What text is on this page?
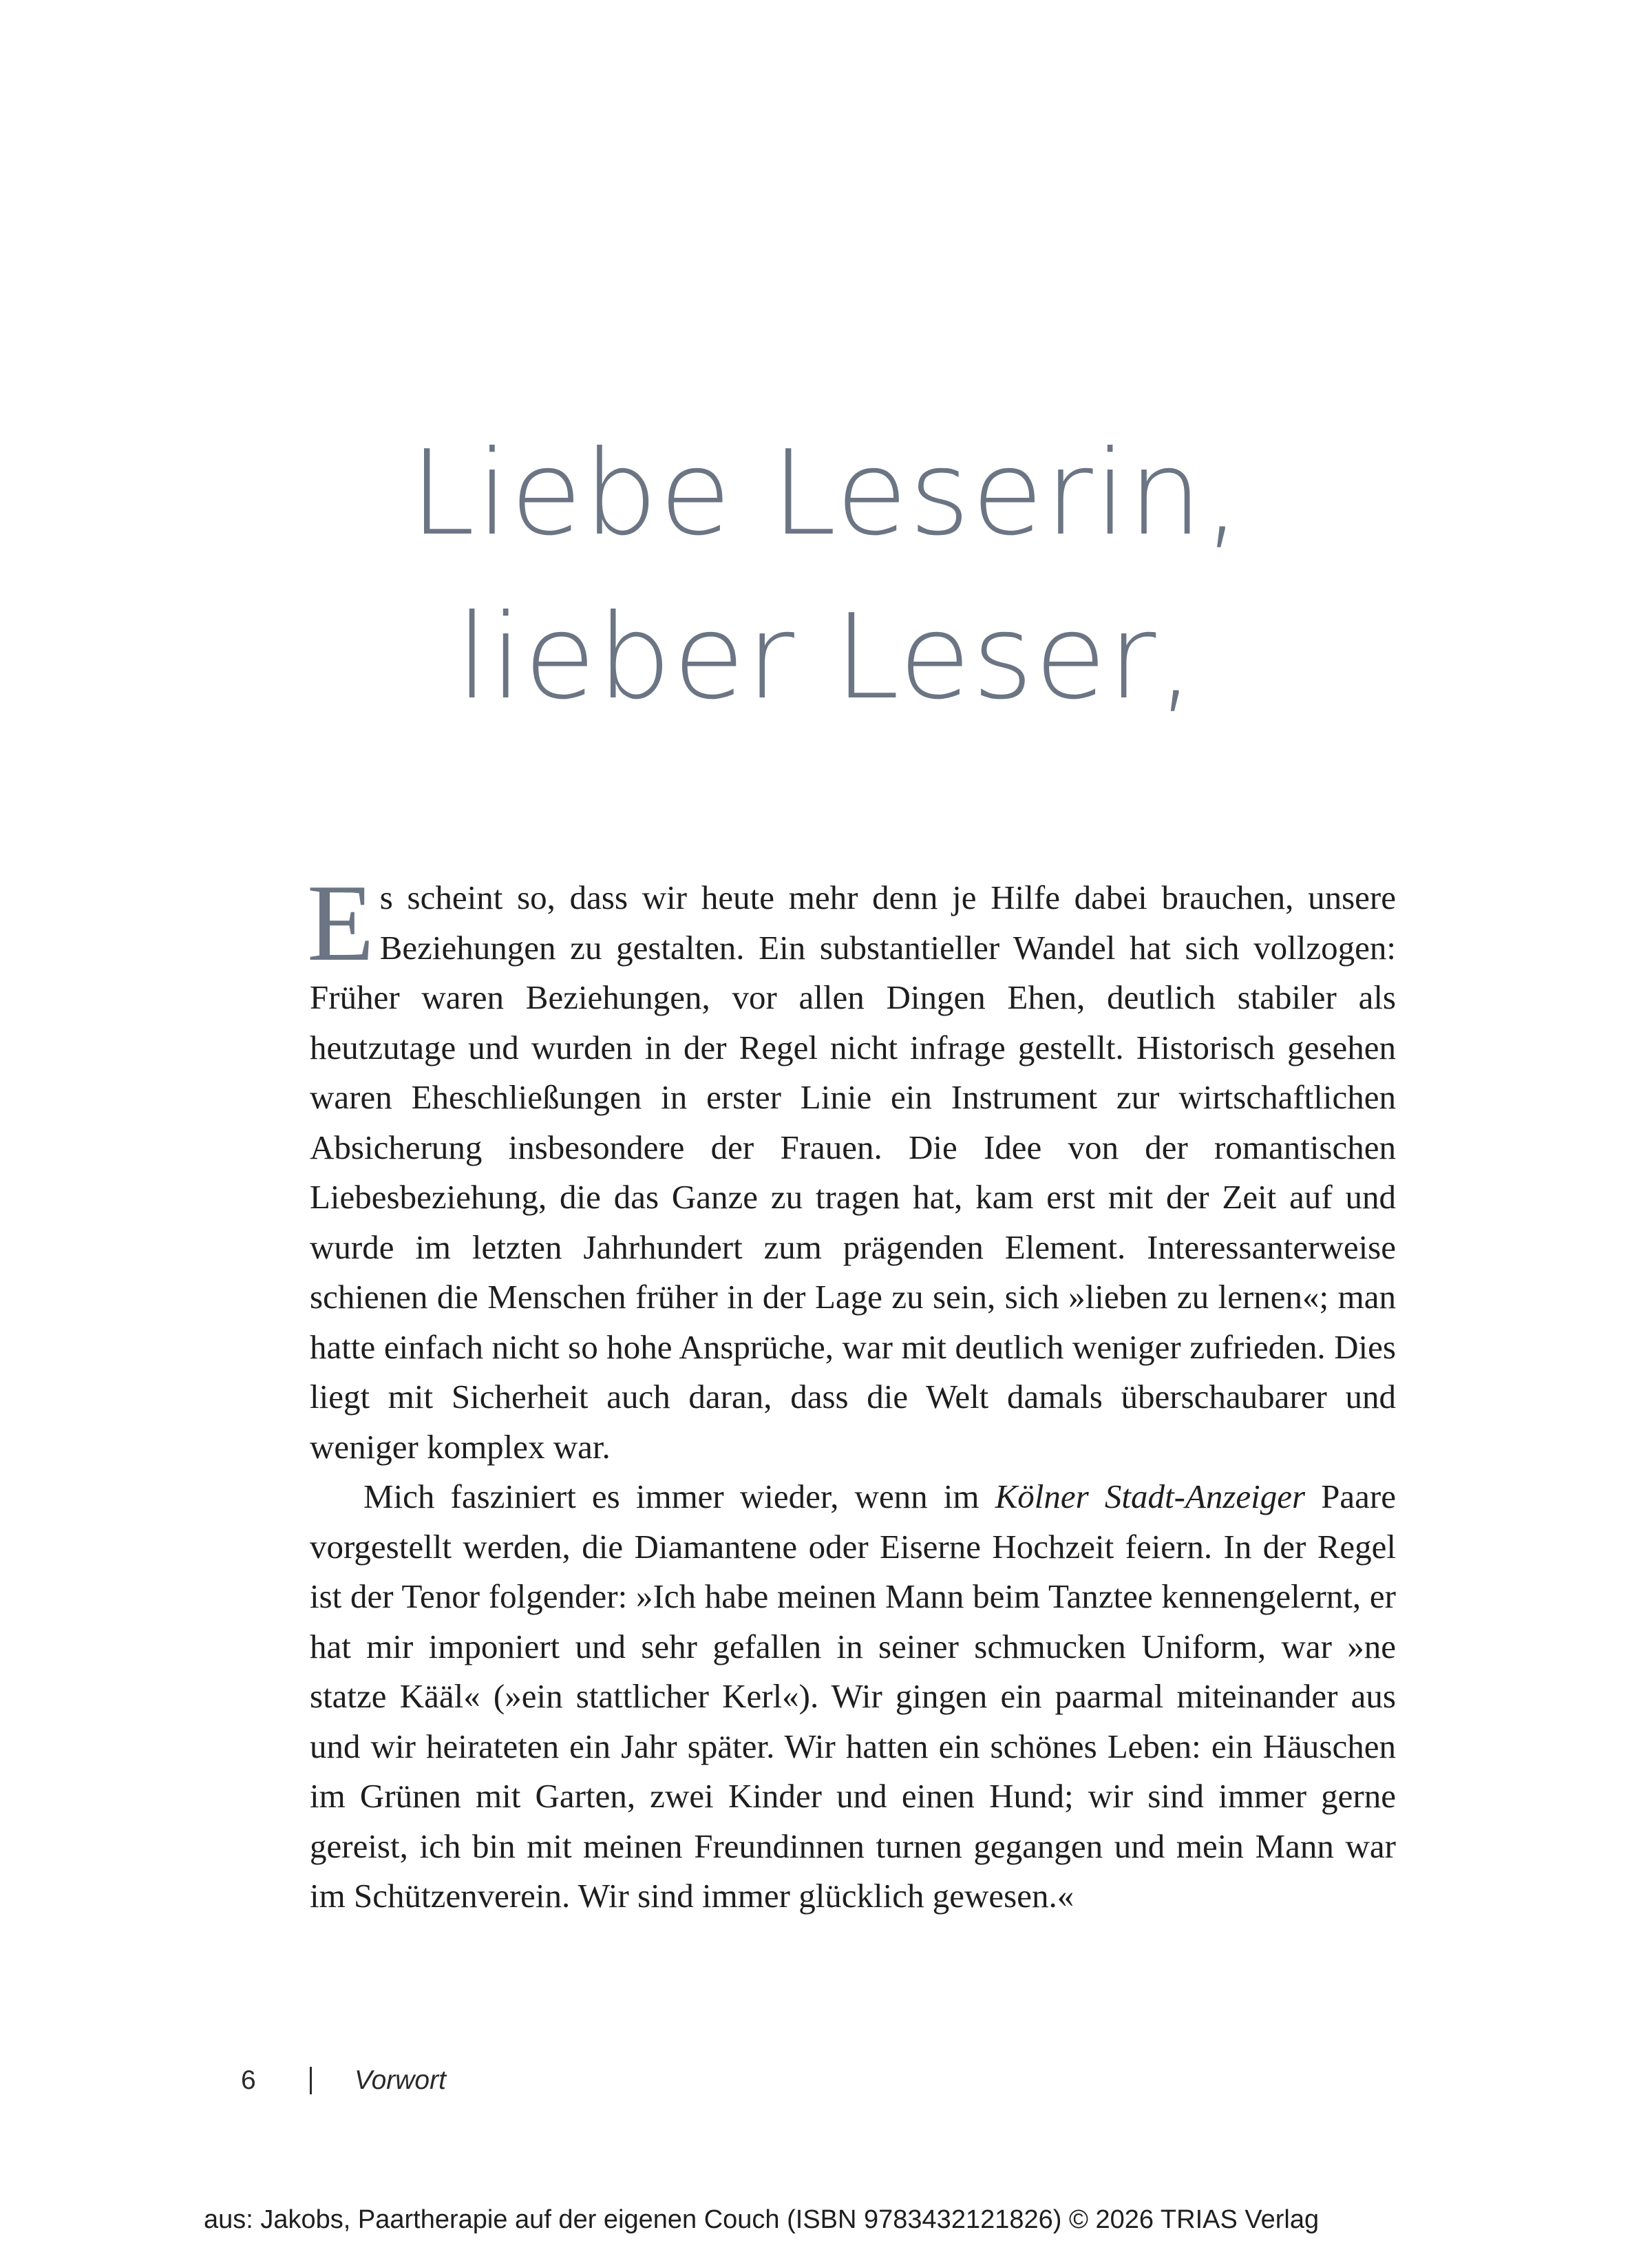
Liebe Leserin,
lieber Leser,

Es scheint so, dass wir heute mehr denn je Hilfe dabei brauchen, unsere Beziehungen zu gestalten. Ein substantieller Wandel hat sich vollzogen: Früher waren Beziehungen, vor allen Dingen Ehen, deutlich stabiler als heutzutage und wurden in der Regel nicht infrage gestellt. Historisch gesehen waren Eheschließungen in erster Linie ein Instrument zur wirtschaftlichen Absicherung insbesondere der Frauen. Die Idee von der romantischen Liebesbeziehung, die das Ganze zu tragen hat, kam erst mit der Zeit auf und wurde im letzten Jahrhundert zum prägenden Element. Interessanterweise schienen die Menschen früher in der Lage zu sein, sich »lieben zu lernen«; man hatte einfach nicht so hohe Ansprüche, war mit deutlich weniger zufrieden. Dies liegt mit Sicherheit auch daran, dass die Welt damals überschaubarer und weniger komplex war.

Mich fasziniert es immer wieder, wenn im Kölner Stadt-Anzeiger Paare vorgestellt werden, die Diamantene oder Eiserne Hochzeit feiern. In der Regel ist der Tenor folgender: »Ich habe meinen Mann beim Tanztee kennengelernt, er hat mir imponiert und sehr gefallen in seiner schmucken Uniform, war »ne statze Kääl« (»ein stattlicher Kerl«). Wir gingen ein paarmal miteinander aus und wir heirateten ein Jahr später. Wir hatten ein schönes Leben: ein Häuschen im Grünen mit Garten, zwei Kinder und einen Hund; wir sind immer gerne gereist, ich bin mit meinen Freundinnen turnen gegangen und mein Mann war im Schützenverein. Wir sind immer glücklich gewesen.«

6	Vorwort
aus: Jakobs, Paartherapie auf der eigenen Couch (ISBN 9783432121826) © 2026 TRIAS Verlag
